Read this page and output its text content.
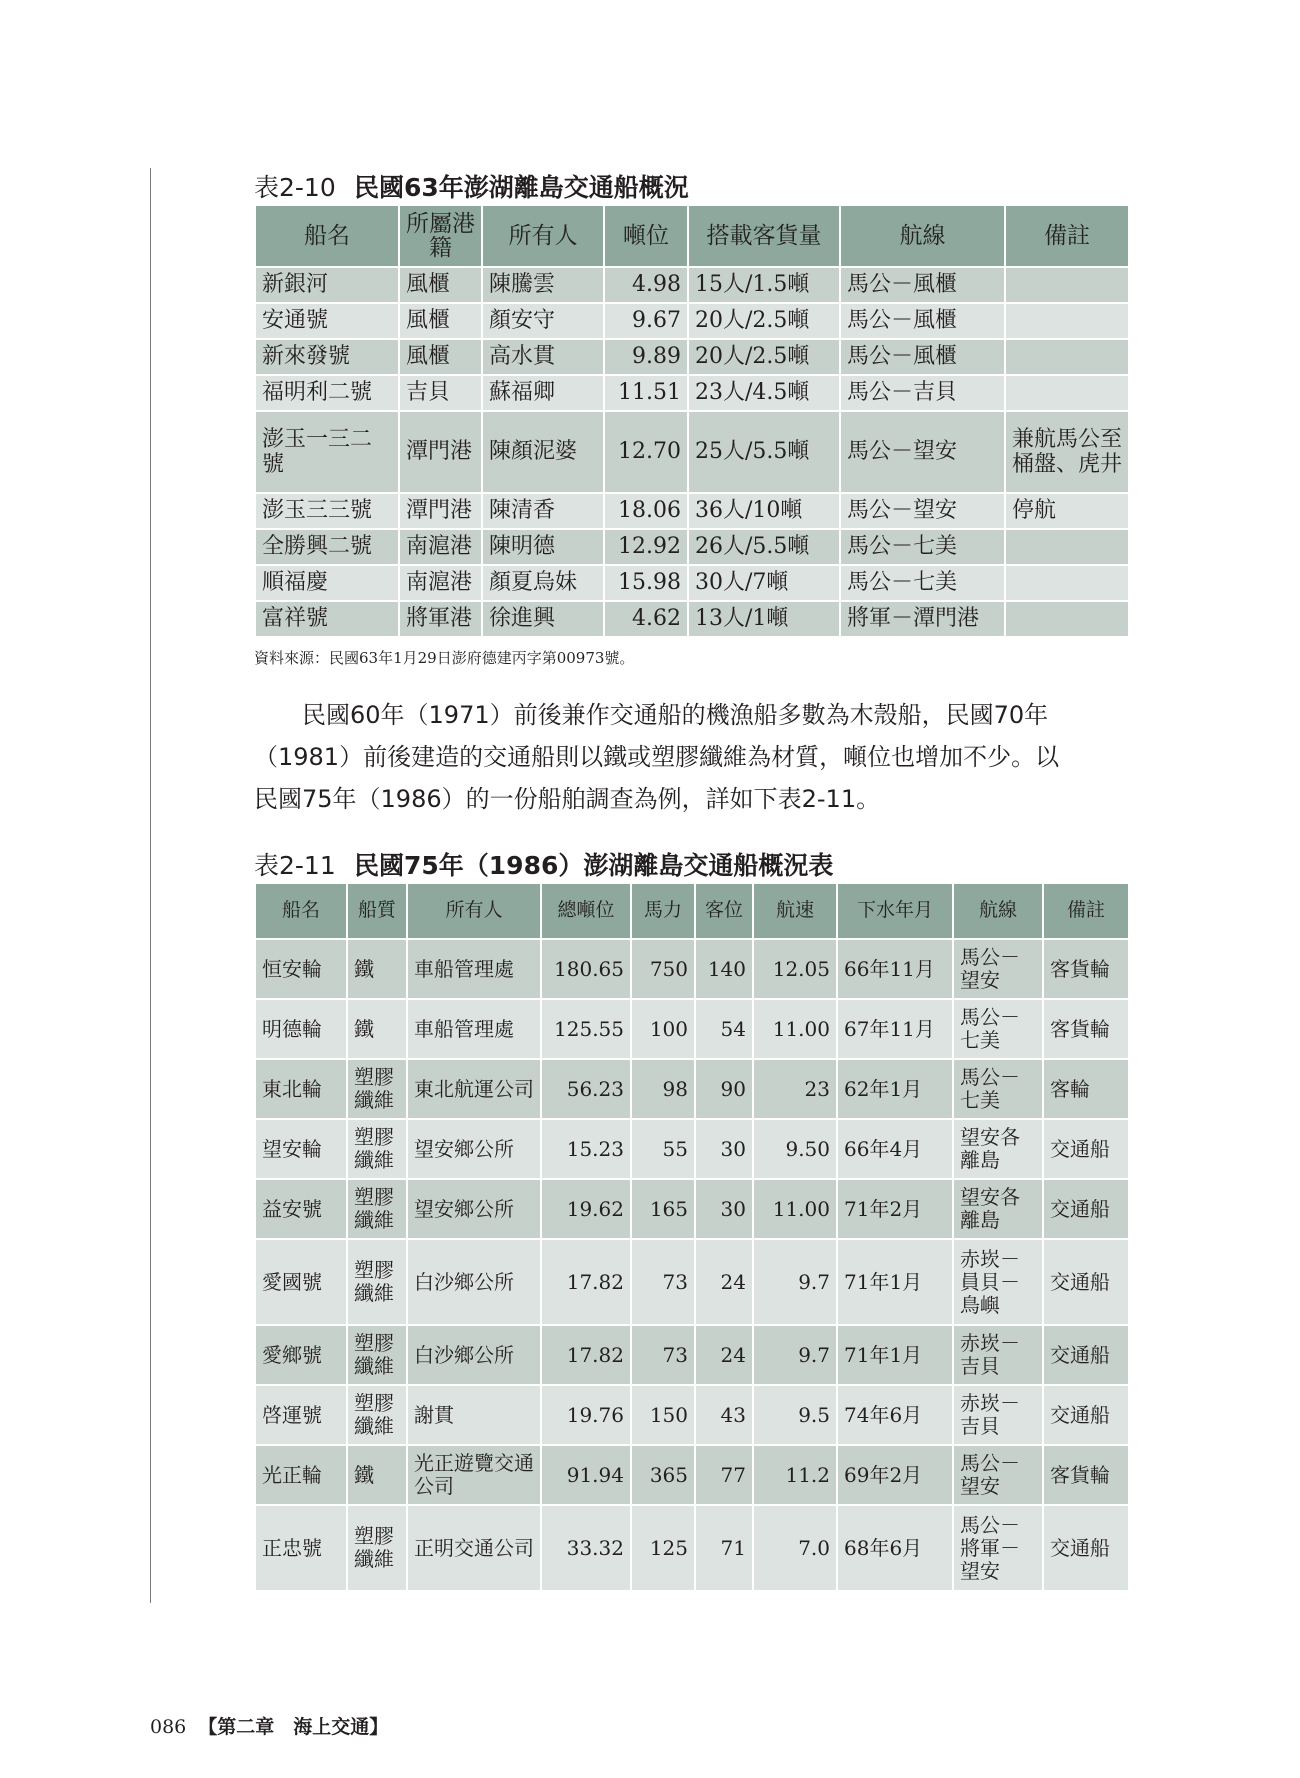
表2-10 民國63年澎湖離島交通船概況
船名	所屬港籍	所有人	噸位	搭載客貨量	航線	備註
新銀河	風櫃	陳騰雲	4.98	15人/1.5噸	馬公－風櫃	
安通號	風櫃	顏安守	9.67	20人/2.5噸	馬公－風櫃	
新來發號	風櫃	高水貫	9.89	20人/2.5噸	馬公－風櫃	
福明利二號	吉貝	蘇福卿	11.51	23人/4.5噸	馬公－吉貝	
澎玉一三二號	潭門港	陳顏泥婆	12.70	25人/5.5噸	馬公－望安	兼航馬公至桶盤、虎井
澎玉三三號	潭門港	陳清香	18.06	36人/10噸	馬公－望安	停航
全勝興二號	南滬港	陳明德	12.92	26人/5.5噸	馬公－七美	
順福慶	南滬港	顏夏烏妹	15.98	30人/7噸	馬公－七美	
富祥號	將軍港	徐進興	4.62	13人/1噸	將軍－潭門港	
資料來源：民國63年1月29日澎府德建丙字第00973號。

　　民國60年（1971）前後兼作交通船的機漁船多數為木殼船，民國70年

（1981）前後建造的交通船則以鐵或塑膠纖維為材質，噸位也增加不少。以

民國75年（1986）的一份船舶調查為例，詳如下表2-11。

表2-11 民國75年（1986）澎湖離島交通船概況表
船名	船質	所有人	總噸位	馬力	客位	航速	下水年月	航線	備註
恒安輪	鐵	車船管理處	180.65	750	140	12.05	66年11月	馬公－望安	客貨輪
明德輪	鐵	車船管理處	125.55	100	54	11.00	67年11月	馬公－七美	客貨輪
東北輪	塑膠纖維	東北航運公司	56.23	98	90	23	62年1月	馬公－七美	客輪
望安輪	塑膠纖維	望安鄉公所	15.23	55	30	9.50	66年4月	望安各離島	交通船
益安號	塑膠纖維	望安鄉公所	19.62	165	30	11.00	71年2月	望安各離島	交通船
愛國號	塑膠纖維	白沙鄉公所	17.82	73	24	9.7	71年1月	赤崁－員貝－鳥嶼	交通船
愛鄉號	塑膠纖維	白沙鄉公所	17.82	73	24	9.7	71年1月	赤崁－吉貝	交通船
啓運號	塑膠纖維	謝貫	19.76	150	43	9.5	74年6月	赤崁－吉貝	交通船
光正輪	鐵	光正遊覽交通公司	91.94	365	77	11.2	69年2月	馬公－望安	客貨輪
正忠號	塑膠纖維	正明交通公司	33.32	125	71	7.0	68年6月	馬公－將軍－望安	交通船
086 【第二章　海上交通】
